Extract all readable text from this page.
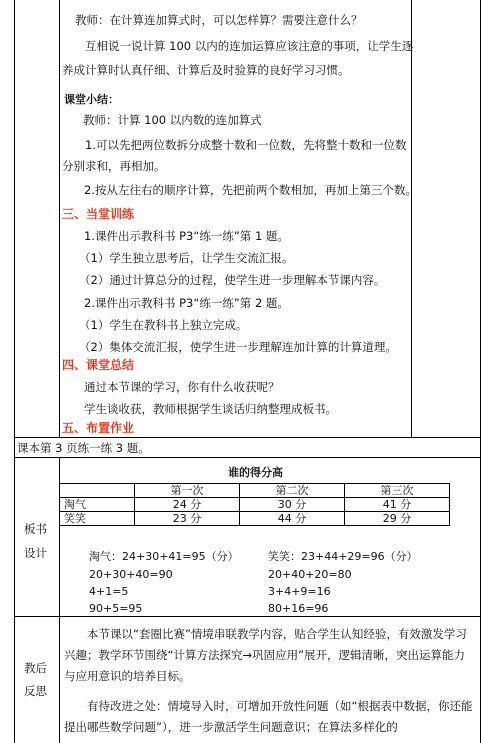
教师：在计算连加算式时，可以怎样算？需要注意什么？
互相说一说计算 100 以内的连加运算应该注意的事项，让学生逐
养成计算时认真仔细、计算后及时验算的良好学习习惯。
课堂小结：
教师：计算 100 以内数的连加算式
1.可以先把两位数拆分成整十数和一位数，先将整十数和一位数
分别求和，再相加。
2.按从左往右的顺序计算，先把前两个数相加，再加上第三个数。
三、当堂训练
1.课件出示教科书 P3“练一练”第 1 题。
（1）学生独立思考后，让学生交流汇报。
（2）通过计算总分的过程，使学生进一步理解本节课内容。
2.课件出示教科书 P3“练一练”第 2 题。
（1）学生在教科书上独立完成。
（2）集体交流汇报，使学生进一步理解连加计算的计算道理。
四、课堂总结
通过本节课的学习，你有什么收获呢？
学生谈收获，教师根据学生谈话归纳整理成板书。
五、布置作业
课本第 3 页练一练 3 题。
板书
设计
谁的得分高
	第一次	第二次	第三次
淘气	24 分	30 分	41 分
笑笑	23 分	44 分	29 分
淘气：24+30+41=95（分）
20+30+40=90
4+1=5
90+5=95
笑笑：23+44+29=96（分）
20+40+20=80
3+4+9=16
80+16=96
教后
反思
本节课以“套圈比赛”情境串联教学内容，贴合学生认知经验，有效激发学习兴趣；教学环节围绕“计算方法探究→巩固应用”展开，逻辑清晰，突出运算能力与应用意识的培养目标。
有待改进之处：情境导入时，可增加开放性问题（如“根据表中数据，你还能提出哪些数学问题”），进一步激活学生问题意识；在算法多样化的
